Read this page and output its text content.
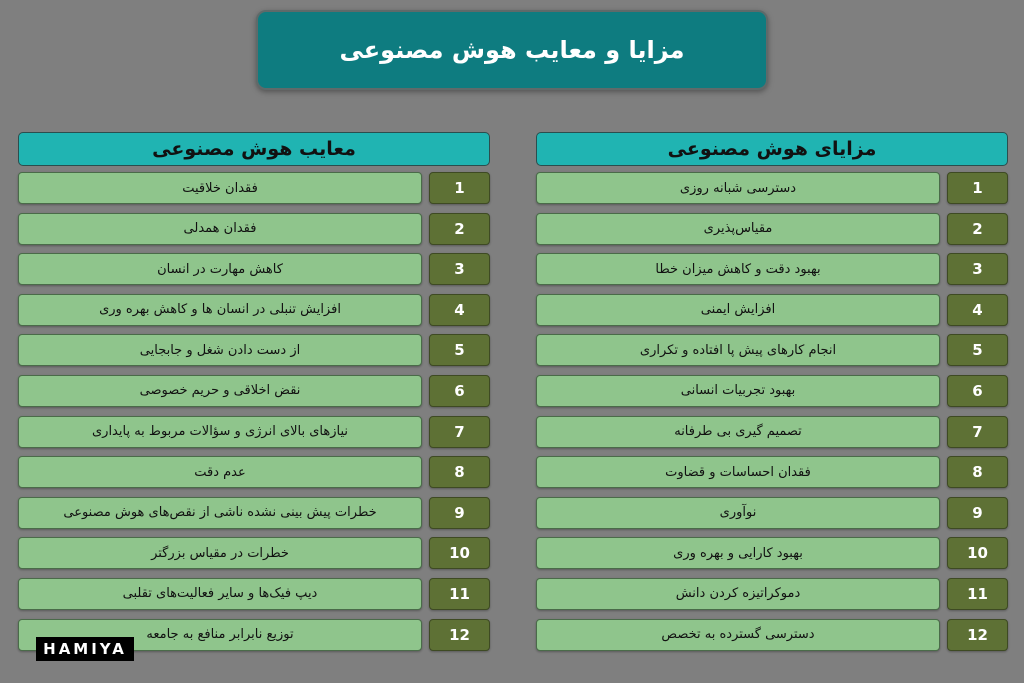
مزایا و معایب هوش مصنوعی
مزایای هوش مصنوعی
دسترسی شبانه روزی	1
مقیاس‌پذیری	2
بهبود دقت و کاهش میزان خطا	3
افزایش ایمنی	4
انجام کارهای پیش پا افتاده و تکراری	5
بهبود تجربیات انسانی	6
تصمیم گیری بی طرفانه	7
فقدان احساسات و قضاوت	8
نوآوری	9
بهبود کارایی و بهره وری	10
دموکراتیزه کردن دانش	11
دسترسی گسترده به تخصص	12
معایب هوش مصنوعی
فقدان خلاقیت	1
فقدان همدلی	2
کاهش مهارت در انسان	3
افزایش تنبلی در انسان ها و کاهش بهره وری	4
از دست دادن شغل و جابجایی	5
نقض اخلاقی و حریم خصوصی	6
نیازهای بالای انرژی و سؤالات مربوط به پایداری	7
عدم دقت	8
خطرات پیش بینی نشده ناشی از نقص‌های هوش مصنوعی	9
خطرات در مقیاس بزرگتر	10
دیپ فیک‌ها و سایر فعالیت‌های تقلبی	11
توزیع نابرابر منافع به جامعه	12
HAMIYA
